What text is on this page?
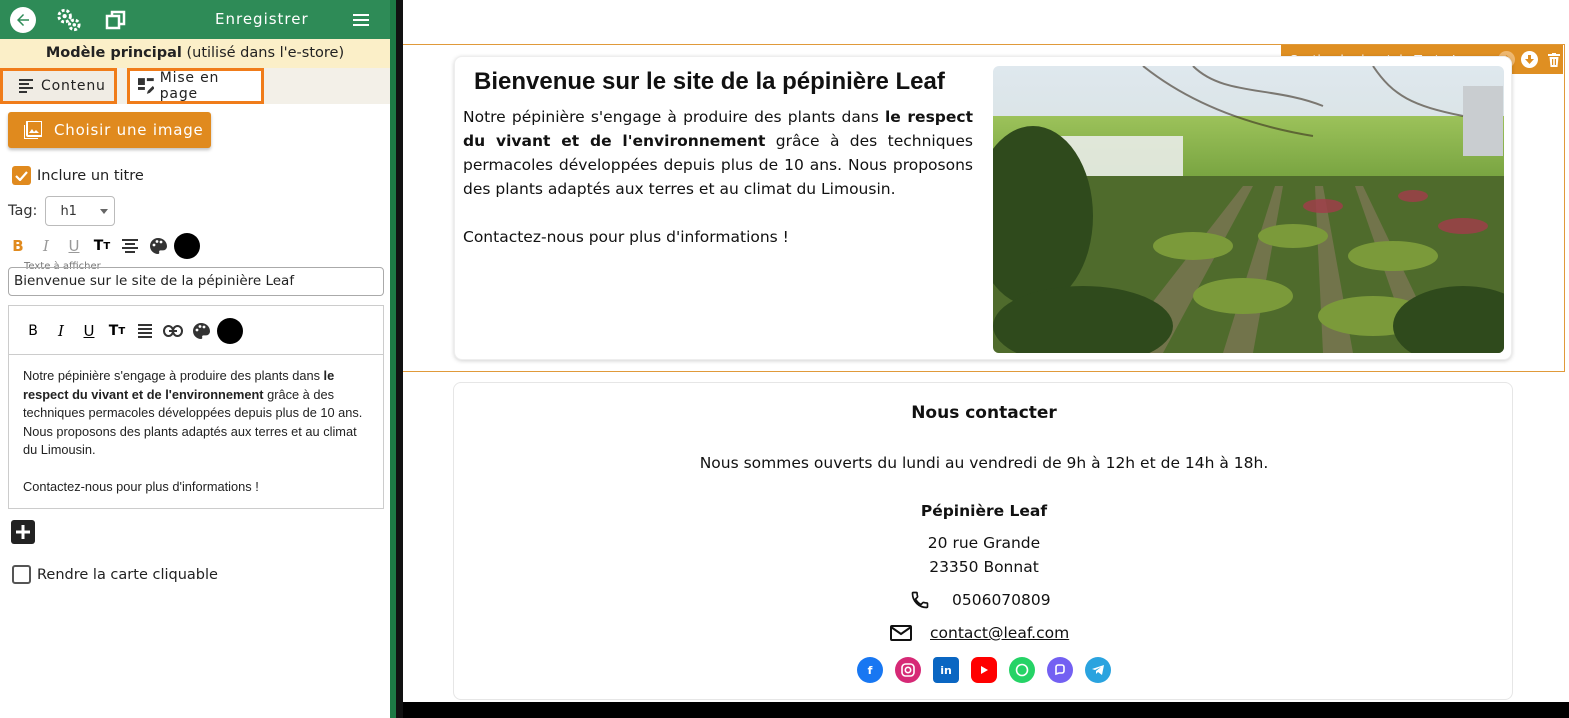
Enregistrer
Modèle principal (utilisé dans l'e-store)
Contenu	Mise en page
Choisir une image
Inclure un titre
Tag: h1
B	I	U	T T
Texte à afficher
Bienvenue sur le site de la pépinière Leaf
B	I	U	T T

Notre pépinière s'engage à produire des plants dans le respect du vivant et de l'environnement grâce à des techniques permacoles développées depuis plus de 10 ans. Nous proposons des plants adaptés aux terres et au climat du Limousin.

Contactez-nous pour plus d'informations !

Rendre la carte cliquable
Bienvenue sur le site de la pépinière Leaf

Notre pépinière s'engage à produire des plants dans le respect du vivant et de l'environnement grâce à des techniques permacoles développées depuis plus de 10 ans. Nous proposons des plants adaptés aux terres et au climat du Limousin.

Contactez-nous pour plus d'informations !

Nous contacter
Nous sommes ouverts du lundi au vendredi de 9h à 12h et de 14h à 18h.
Pépinière Leaf
20 rue Grande
23350 Bonnat
0506070809
contact@leaf.com
f	in
